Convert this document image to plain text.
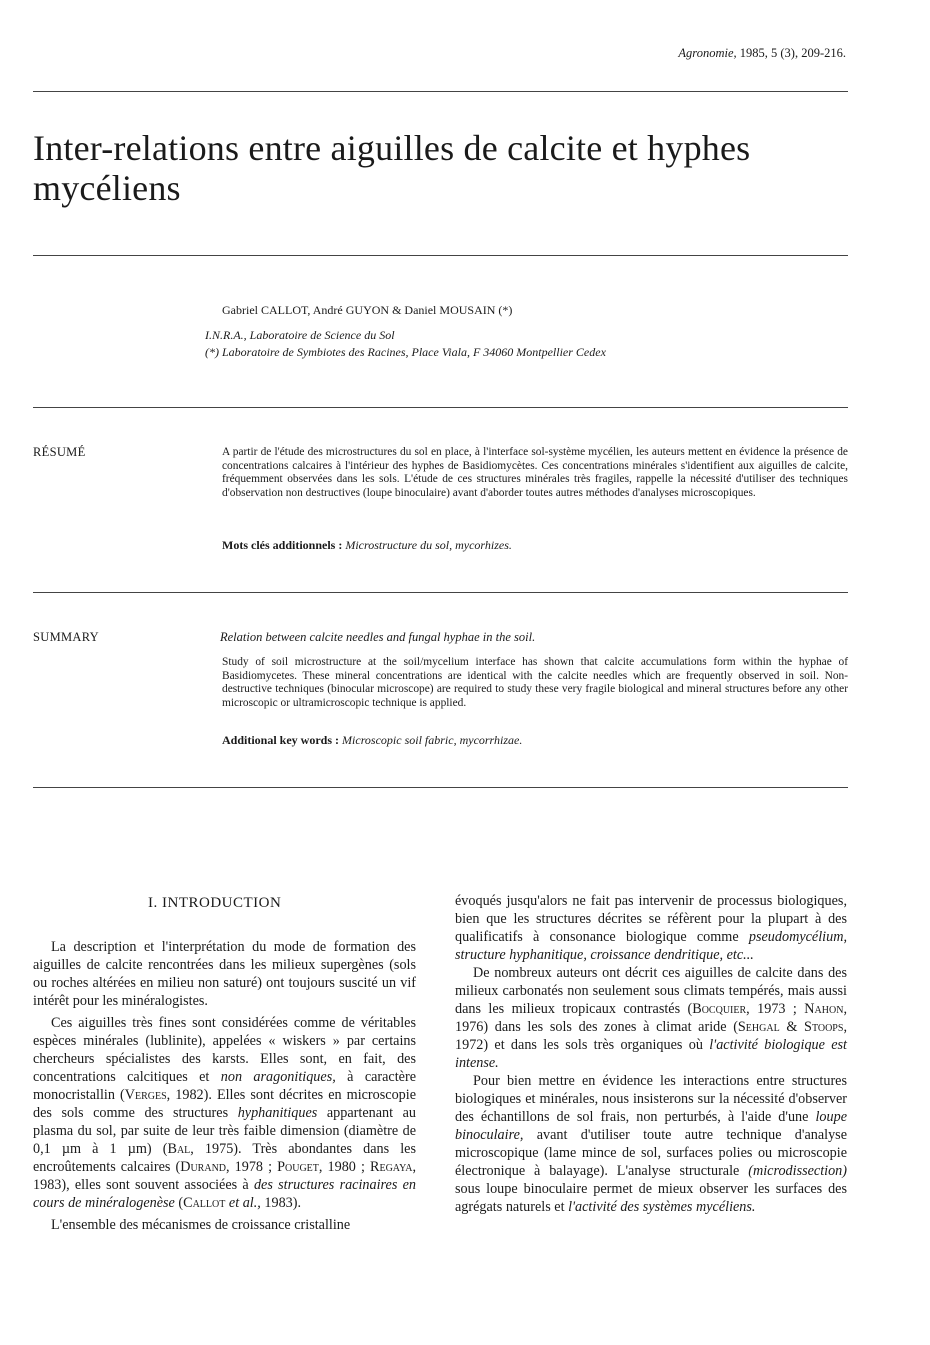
Agronomie, 1985, 5 (3), 209-216.
Inter-relations entre aiguilles de calcite et hyphes mycéliens
Gabriel CALLOT, André GUYON & Daniel MOUSAIN (*)
I.N.R.A., Laboratoire de Science du Sol
(*) Laboratoire de Symbiotes des Racines, Place Viala, F 34060 Montpellier Cedex
RÉSUMÉ	A partir de l'étude des microstructures du sol en place, à l'interface sol-système mycélien, les auteurs mettent en évidence la présence de concentrations calcaires à l'intérieur des hyphes de Basidiomycètes. Ces concentrations minérales s'identifient aux aiguilles de calcite, fréquemment observées dans les sols. L'étude de ces structures minérales très fragiles, rappelle la nécessité d'utiliser des techniques d'observation non destructives (loupe binoculaire) avant d'aborder toutes autres méthodes d'analyses microscopiques.
Mots clés additionnels : Microstructure du sol, mycorhizes.
SUMMARY	Relation between calcite needles and fungal hyphae in the soil.
Study of soil microstructure at the soil/mycelium interface has shown that calcite accumulations form within the hyphae of Basidiomycetes. These mineral concentrations are identical with the calcite needles which are frequently observed in soil. Non-destructive techniques (binocular microscope) are required to study these very fragile biological and mineral structures before any other microscopic or ultramicroscopic technique is applied.
Additional key words : Microscopic soil fabric, mycorrhizae.
I. INTRODUCTION

La description et l'interprétation du mode de formation des aiguilles de calcite rencontrées dans les milieux supergènes (sols ou roches altérées en milieu non saturé) ont toujours suscité un vif intérêt pour les minéralogistes.

Ces aiguilles très fines sont considérées comme de véritables espèces minérales (lublinite), appelées « wiskers » par certains chercheurs spécialistes des karsts. Elles sont, en fait, des concentrations calcitiques et non aragonitiques, à caractère monocristallin (Verges, 1982). Elles sont décrites en microscopie des sols comme des structures hyphanitiques appartenant au plasma du sol, par suite de leur très faible dimension (diamètre de 0,1 µm à 1 µm) (Bal, 1975). Très abondantes dans les encroûtements calcaires (Durand, 1978 ; Pouget, 1980 ; Regaya, 1983), elles sont souvent associées à des structures racinaires en cours de minéralogenèse (Callot et al., 1983).

L'ensemble des mécanismes de croissance cristalline

évoqués jusqu'alors ne fait pas intervenir de processus biologiques, bien que les structures décrites se réfèrent pour la plupart à des qualificatifs à consonance biologique comme pseudomycélium, structure hyphanitique, croissance dendritique, etc...

De nombreux auteurs ont décrit ces aiguilles de calcite dans des milieux carbonatés non seulement sous climats tempérés, mais aussi dans les milieux tropicaux contrastés (Bocquier, 1973 ; Nahon, 1976) dans les sols des zones à climat aride (Sehgal & Stoops, 1972) et dans les sols très organiques où l'activité biologique est intense.

Pour bien mettre en évidence les interactions entre structures biologiques et minérales, nous insisterons sur la nécessité d'observer des échantillons de sol frais, non perturbés, à l'aide d'une loupe binoculaire, avant d'utiliser toute autre technique d'analyse microscopique (lame mince de sol, surfaces polies ou microscopie électronique à balayage). L'analyse structurale (microdissection) sous loupe binoculaire permet de mieux observer les surfaces des agrégats naturels et l'activité des systèmes mycéliens.
